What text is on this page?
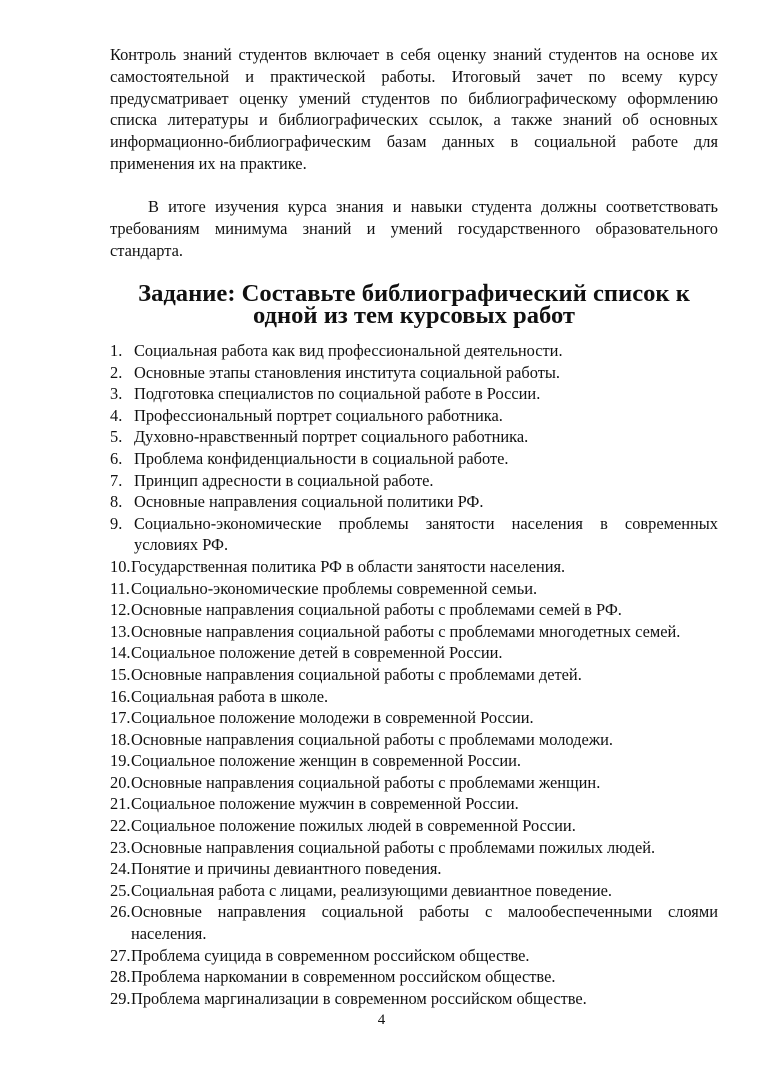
Контроль знаний студентов включает в себя оценку знаний студентов на основе их самостоятельной и практической работы. Итоговый зачет по всему курсу предусматривает оценку умений студентов по библиографическому оформлению списка литературы и библиографических ссылок, а также знаний об основных информационно-библиографическим базам данных в социальной работе для применения их на практике.

В итоге изучения курса знания и навыки студента должны соответствовать требованиям минимума знаний и умений государственного образовательного стандарта.

Задание: Составьте библиографический список к одной из тем курсовых работ
1. Социальная работа как вид профессиональной деятельности.
2. Основные этапы становления института социальной работы.
3. Подготовка специалистов по социальной работе в России.
4. Профессиональный портрет социального работника.
5. Духовно-нравственный портрет социального работника.
6. Проблема конфиденциальности в социальной работе.
7. Принцип адресности в социальной работе.
8. Основные направления социальной политики РФ.
9. Социально-экономические проблемы занятости населения в современных условиях РФ.
10. Государственная политика РФ в области занятости населения.
11. Социально-экономические проблемы современной семьи.
12. Основные направления социальной работы с проблемами семей в РФ.
13. Основные направления социальной работы с проблемами многодетных семей.
14. Социальное положение детей в современной России.
15. Основные направления социальной работы с проблемами детей.
16. Социальная работа в школе.
17. Социальное положение молодежи в современной России.
18. Основные направления социальной работы с проблемами молодежи.
19. Социальное положение женщин в современной России.
20. Основные направления социальной работы с проблемами женщин.
21. Социальное положение мужчин в современной России.
22. Социальное положение пожилых людей в современной России.
23. Основные направления социальной работы с проблемами пожилых людей.
24. Понятие и причины девиантного поведения.
25. Социальная работа с лицами, реализующими девиантное поведение.
26. Основные направления социальной работы с малообеспеченными слоями населения.
27. Проблема суицида в современном российском обществе.
28. Проблема наркомании в современном российском обществе.
29. Проблема маргинализации в современном российском обществе.
4
